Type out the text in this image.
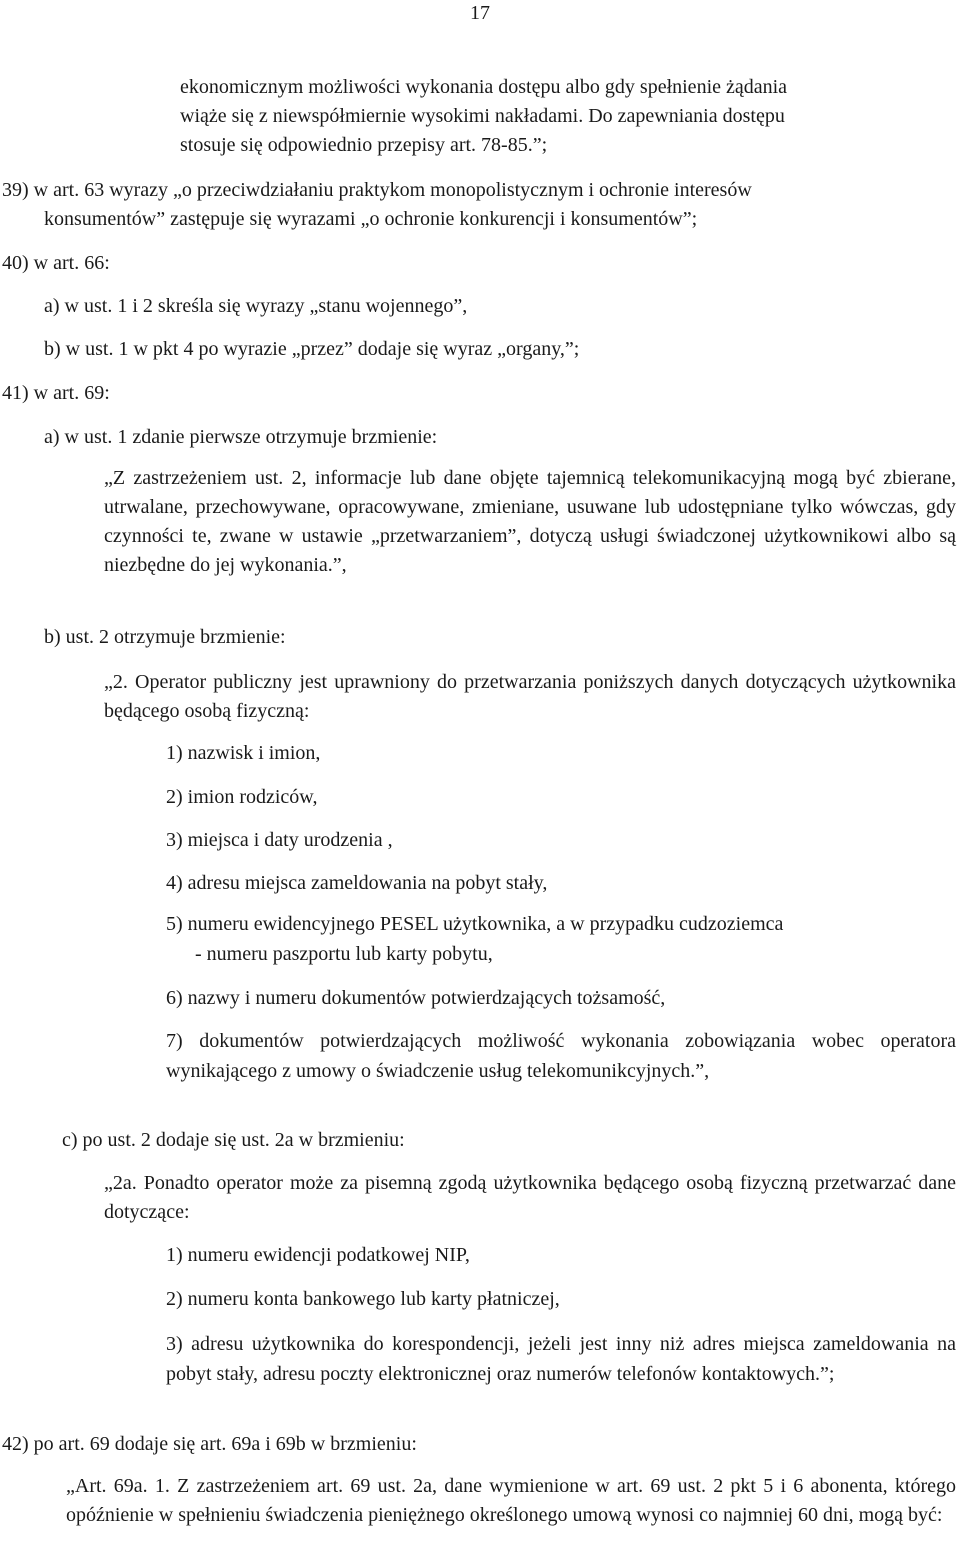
17
ekonomicznym możliwości wykonania dostępu albo gdy spełnienie żądania
wiąże się z niewspółmiernie wysokimi nakładami. Do zapewniania dostępu
stosuje się odpowiednio przepisy art. 78-85.”;
39) w art. 63 wyrazy „o przeciwdziałaniu praktykom monopolistycznym i ochronie interesów
konsumentów” zastępuje się wyrazami „o ochronie konkurencji i konsumentów”;
40) w art. 66:
a) w ust. 1 i 2 skreśla się wyrazy „stanu wojennego”,
b) w ust. 1 w pkt 4 po wyrazie „przez” dodaje się wyraz „organy,”;
41) w art. 69:
a) w ust. 1 zdanie pierwsze otrzymuje brzmienie:
„Z zastrzeżeniem ust. 2, informacje lub dane objęte tajemnicą telekomunikacyjną mogą być zbierane, utrwalane, przechowywane, opracowywane, zmieniane, usuwane lub udostępniane tylko wówczas, gdy czynności te, zwane w ustawie „przetwarzaniem”, dotyczą usługi świadczonej użytkownikowi albo są niezbędne do jej wykonania.”,
b) ust. 2 otrzymuje brzmienie:
„2. Operator publiczny jest uprawniony do przetwarzania poniższych danych dotyczących użytkownika będącego osobą fizyczną:
1) nazwisk i imion,
2) imion rodziców,
3) miejsca i daty urodzenia ,
4) adresu miejsca zameldowania na pobyt stały,
5) numeru ewidencyjnego PESEL użytkownika, a w przypadku cudzoziemca
- numeru paszportu lub karty pobytu,
6) nazwy i numeru dokumentów potwierdzających tożsamość,
7) dokumentów potwierdzających możliwość wykonania zobowiązania wobec operatora wynikającego z umowy o świadczenie usług telekomunikcyjnych.”,
c) po ust. 2 dodaje się ust. 2a w brzmieniu:
„2a. Ponadto operator może za pisemną zgodą użytkownika będącego osobą fizyczną przetwarzać dane dotyczące:
1) numeru ewidencji podatkowej NIP,
2) numeru konta bankowego lub karty płatniczej,
3) adresu użytkownika do korespondencji, jeżeli jest inny niż adres miejsca zameldowania na pobyt stały, adresu poczty elektronicznej oraz numerów telefonów kontaktowych.”;
42) po art. 69 dodaje się art. 69a i 69b w brzmieniu:
„Art. 69a. 1. Z zastrzeżeniem art. 69 ust. 2a, dane wymienione w art. 69 ust. 2 pkt 5 i 6 abonenta, którego opóźnienie w spełnieniu świadczenia pieniężnego określonego umową wynosi co najmniej 60 dni, mogą być:
